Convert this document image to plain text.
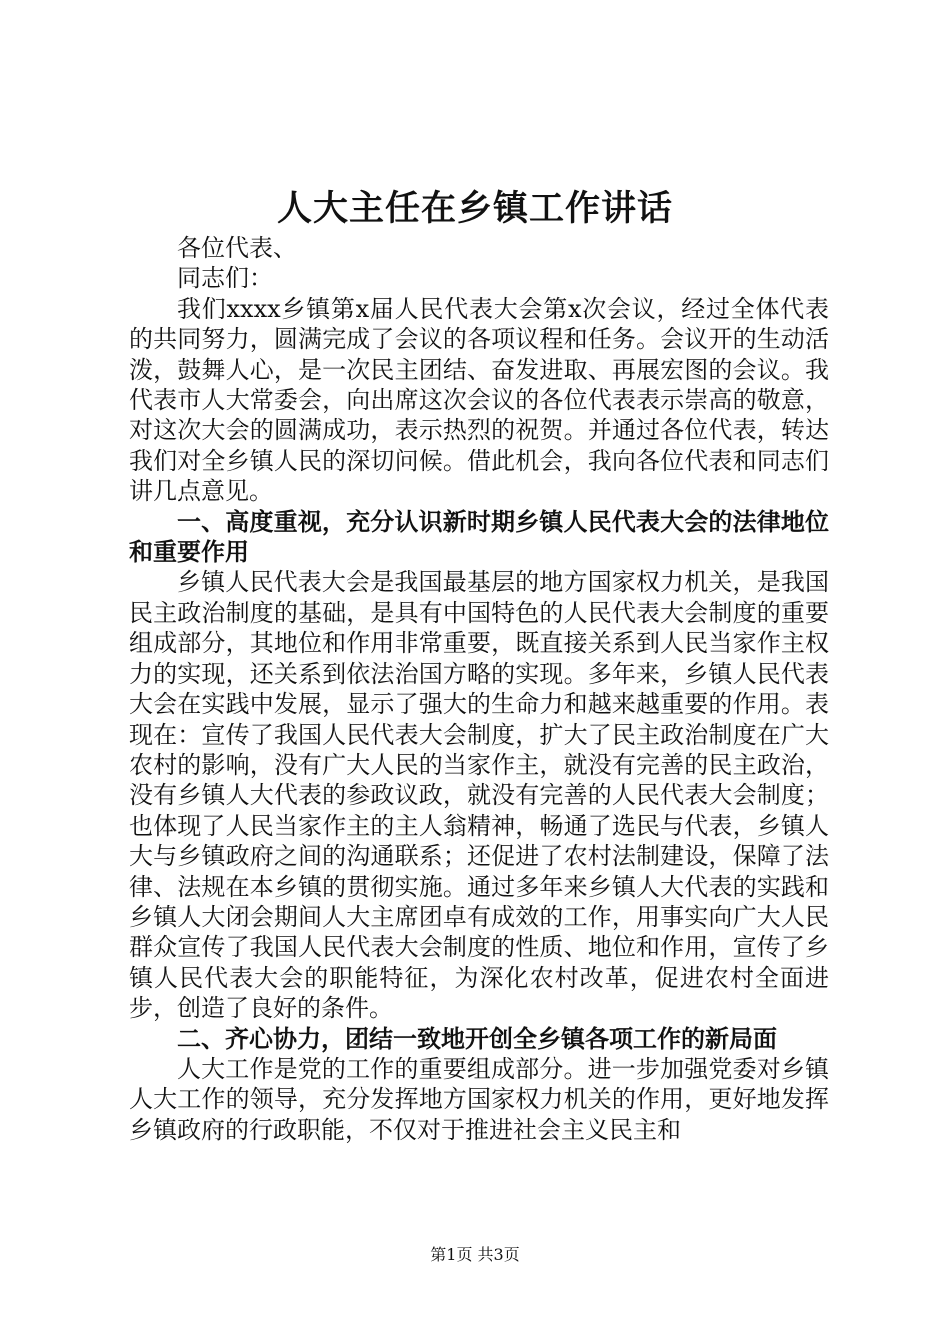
人大主任在乡镇工作讲话

各位代表、

同志们：

我们xxxx乡镇第x届人民代表大会第x次会议，经过全体代表的共同努力，圆满完成了会议的各项议程和任务。会议开的生动活泼，鼓舞人心，是一次民主团结、奋发进取、再展宏图的会议。我代表市人大常委会，向出席这次会议的各位代表表示崇高的敬意，对这次大会的圆满成功，表示热烈的祝贺。并通过各位代表，转达我们对全乡镇人民的深切问候。借此机会，我向各位代表和同志们讲几点意见。

一、高度重视，充分认识新时期乡镇人民代表大会的法律地位和重要作用

乡镇人民代表大会是我国最基层的地方国家权力机关，是我国民主政治制度的基础，是具有中国特色的人民代表大会制度的重要组成部分，其地位和作用非常重要，既直接关系到人民当家作主权力的实现，还关系到依法治国方略的实现。多年来，乡镇人民代表大会在实践中发展，显示了强大的生命力和越来越重要的作用。表现在：宣传了我国人民代表大会制度，扩大了民主政治制度在广大农村的影响，没有广大人民的当家作主，就没有完善的民主政治，没有乡镇人大代表的参政议政，就没有完善的人民代表大会制度；也体现了人民当家作主的主人翁精神，畅通了选民与代表，乡镇人大与乡镇政府之间的沟通联系；还促进了农村法制建设，保障了法律、法规在本乡镇的贯彻实施。通过多年来乡镇人大代表的实践和乡镇人大闭会期间人大主席团卓有成效的工作，用事实向广大人民群众宣传了我国人民代表大会制度的性质、地位和作用，宣传了乡镇人民代表大会的职能特征，为深化农村改革，促进农村全面进步，创造了良好的条件。

二、齐心协力，团结一致地开创全乡镇各项工作的新局面

人大工作是党的工作的重要组成部分。进一步加强党委对乡镇人大工作的领导，充分发挥地方国家权力机关的作用，更好地发挥乡镇政府的行政职能，不仅对于推进社会主义民主和

第1页 共3页
